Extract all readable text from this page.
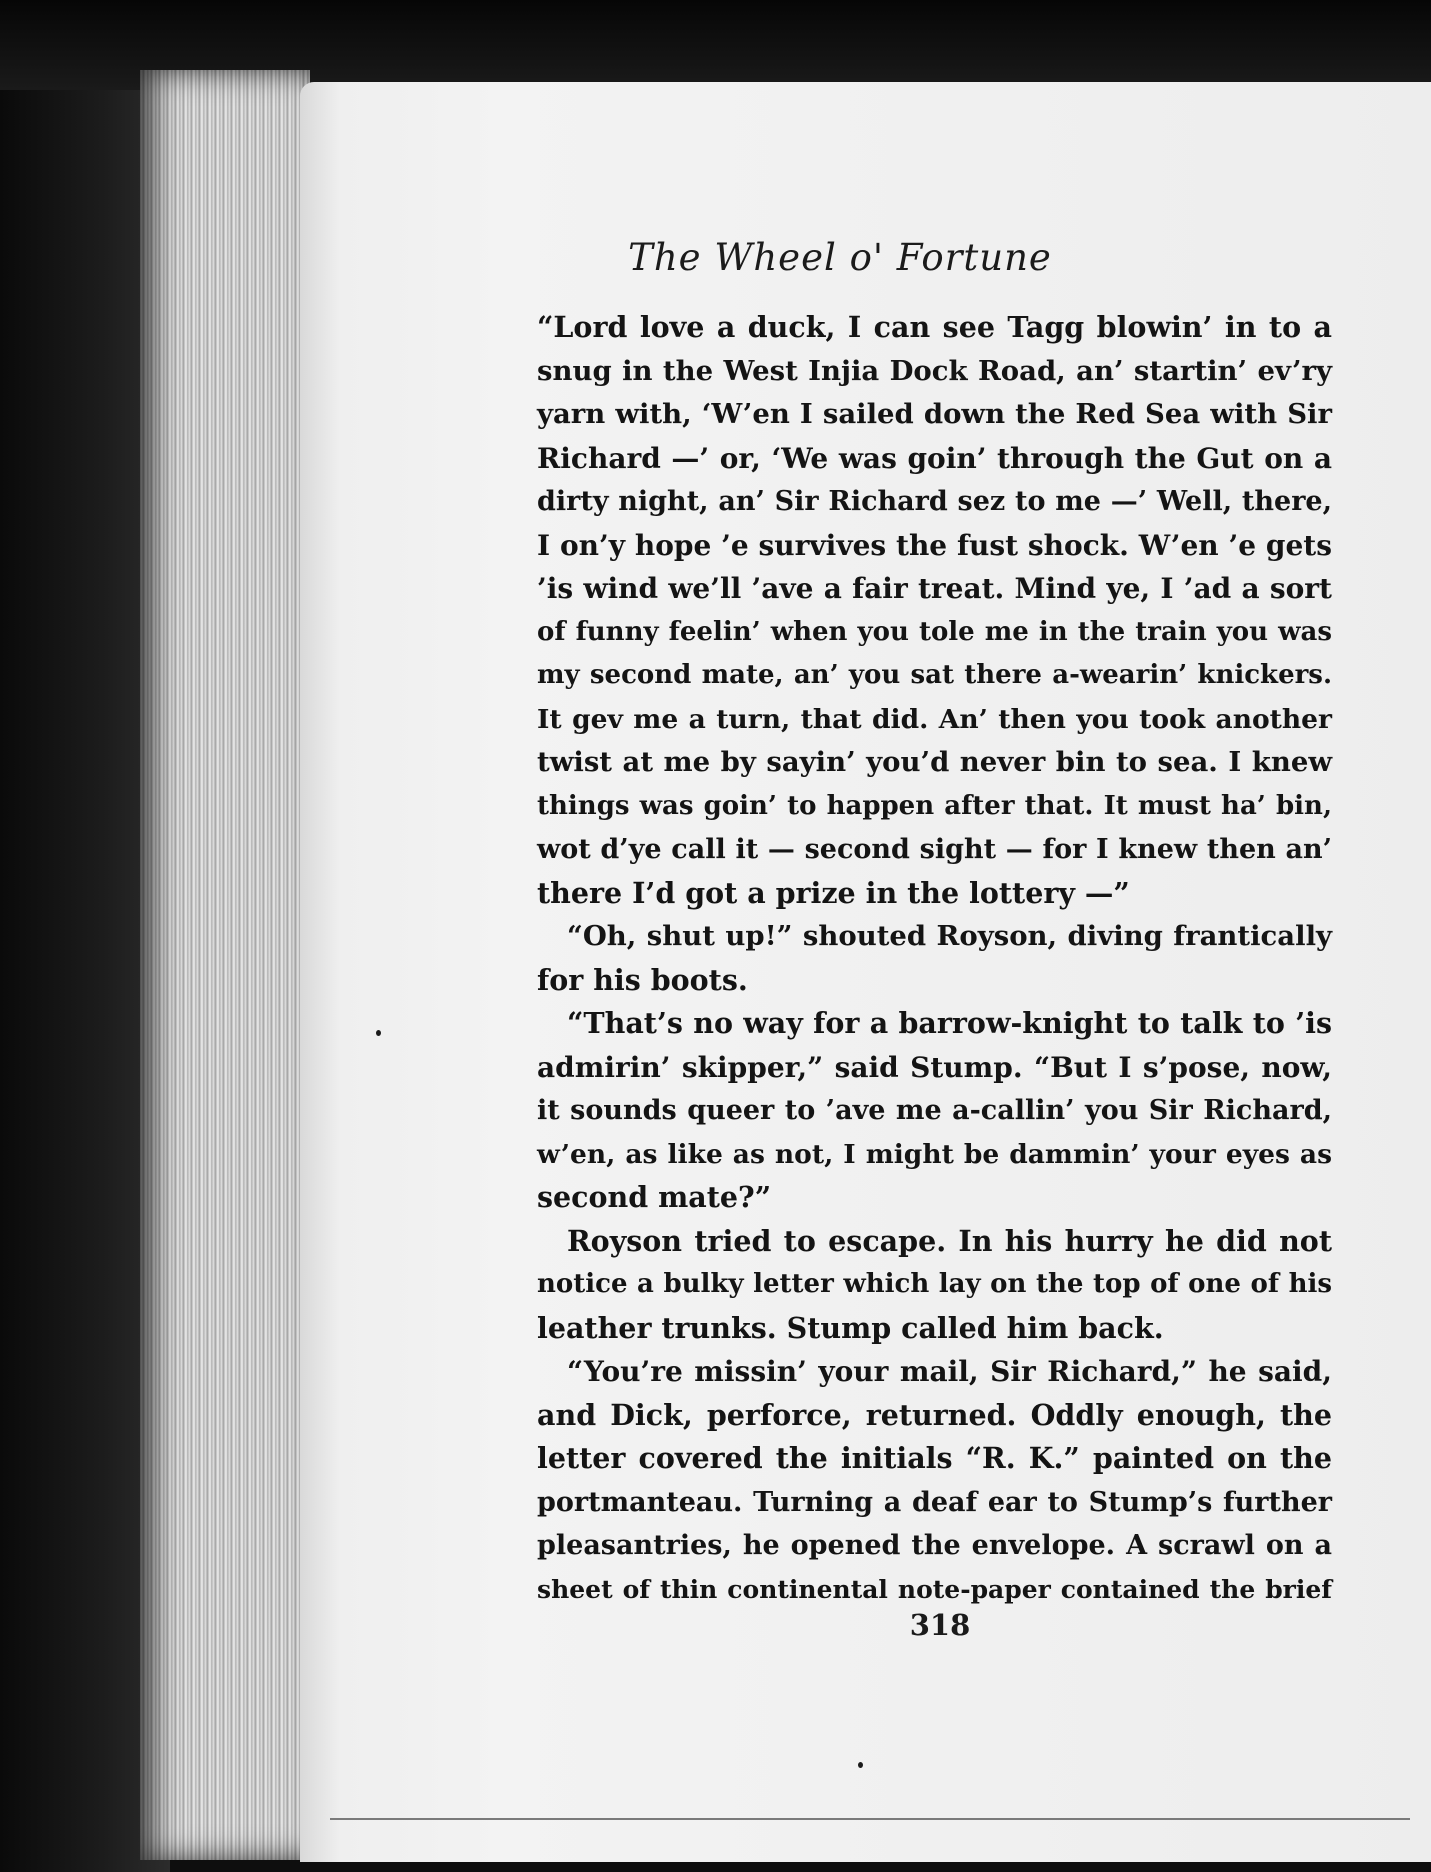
The Wheel o' Fortune
“Lord love a duck, I can see Tagg blowin’ in to a
snug in the West Injia Dock Road, an’ startin’ ev’ry
yarn with, ‘W’en I sailed down the Red Sea with Sir
Richard —’ or, ‘We was goin’ through the Gut on a
dirty night, an’ Sir Richard sez to me —’ Well, there,
I on’y hope ’e survives the fust shock. W’en ’e gets
’is wind we’ll ’ave a fair treat. Mind ye, I ’ad a sort
of funny feelin’ when you tole me in the train you was
my second mate, an’ you sat there a-wearin’ knickers.
It gev me a turn, that did. An’ then you took another
twist at me by sayin’ you’d never bin to sea. I knew
things was goin’ to happen after that. It must ha’ bin,
wot d’ye call it — second sight — for I knew then an’
there I’d got a prize in the lottery —”
“Oh, shut up!” shouted Royson, diving frantically
for his boots.
“That’s no way for a barrow-knight to talk to ’is
admirin’ skipper,” said Stump. “But I s’pose, now,
it sounds queer to ’ave me a-callin’ you Sir Richard,
w’en, as like as not, I might be dammin’ your eyes as
second mate?”
Royson tried to escape. In his hurry he did not
notice a bulky letter which lay on the top of one of his
leather trunks. Stump called him back.
“You’re missin’ your mail, Sir Richard,” he said,
and Dick, perforce, returned. Oddly enough, the
letter covered the initials “R. K.” painted on the
portmanteau. Turning a deaf ear to Stump’s further
pleasantries, he opened the envelope. A scrawl on a
sheet of thin continental note-paper contained the brief
318
